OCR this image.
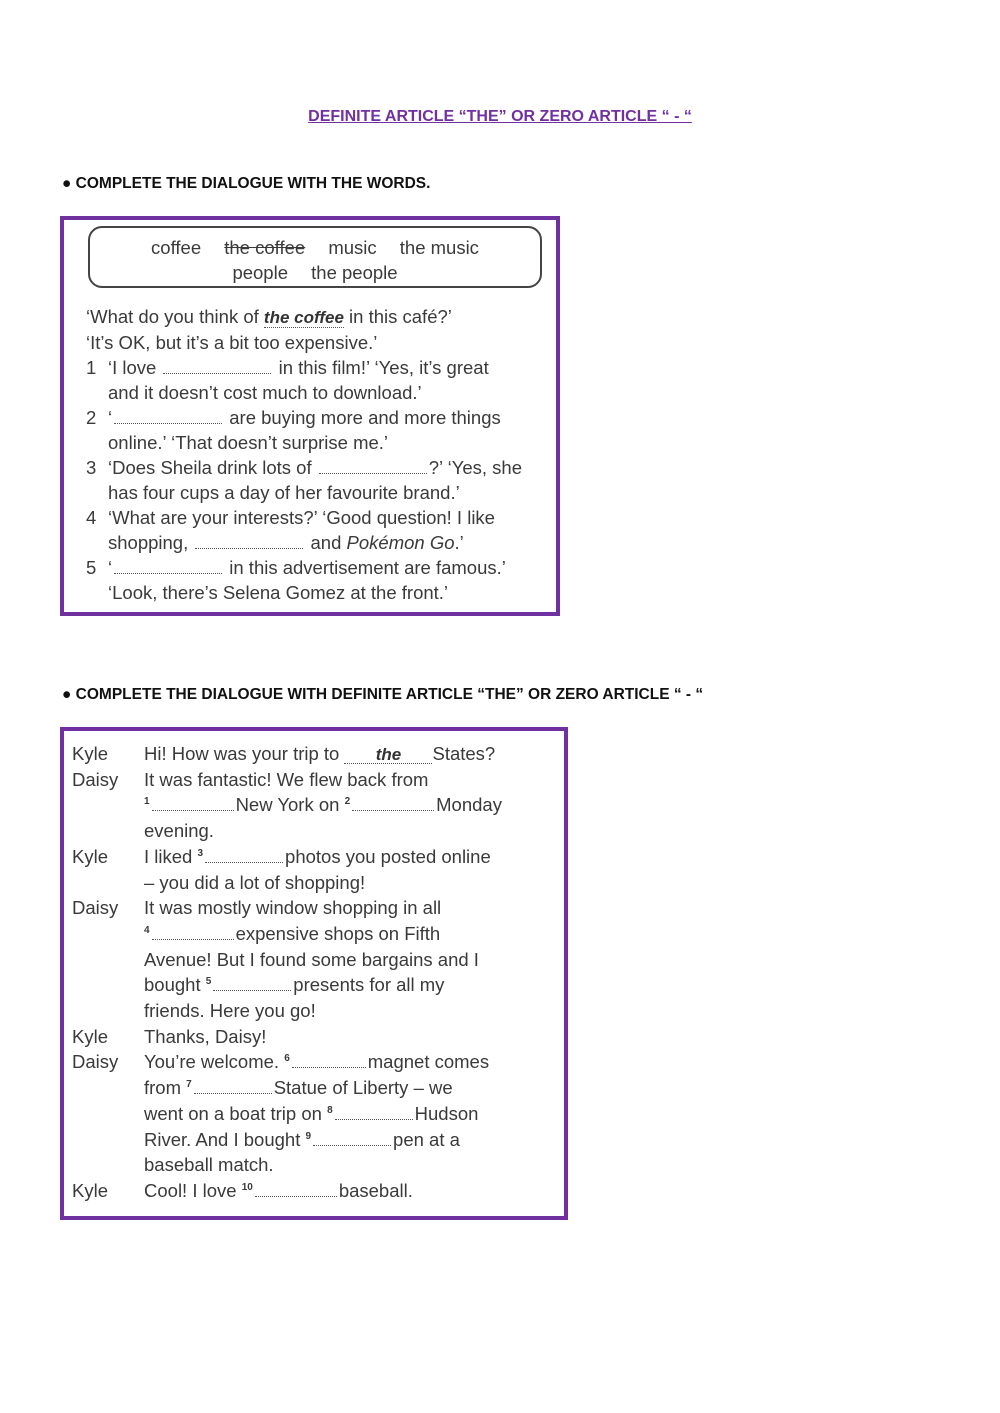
DEFINITE ARTICLE “THE” OR ZERO ARTICLE “ - “
● COMPLETE THE DIALOGUE WITH THE WORDS.
coffee the coffee music the music
people the people
‘What do you think of the coffee in this café?’
‘It’s OK, but it’s a bit too expensive.’
1 ‘I love	in this film!’ ‘Yes, it’s great
and it doesn’t cost much to download.’
2 ‘	are buying more and more things
online.’ ‘That doesn’t surprise me.’
3 ‘Does Sheila drink lots of	?’ ‘Yes, she
has four cups a day of her favourite brand.’
4 ‘What are your interests?’ ‘Good question! I like
shopping,	and Pokémon Go.’
5 ‘	in this advertisement are famous.’
‘Look, there’s Selena Gomez at the front.’
● COMPLETE THE DIALOGUE WITH DEFINITE ARTICLE “THE” OR ZERO ARTICLE “ - “
Kyle Hi! How was your trip to the States?
Daisy It was fantastic! We flew back from
$^1$	New York on $^2$	Monday
evening.
Kyle I liked $^3$	photos you posted online
– you did a lot of shopping!
Daisy It was mostly window shopping in all
$^4$	expensive shops on Fifth
Avenue! But I found some bargains and I
bought $^5$	presents for all my
friends. Here you go!
Kyle Thanks, Daisy!
Daisy You’re welcome. $^6$	magnet comes
from $^7$	Statue of Liberty – we
went on a boat trip on $^8$	Hudson
River. And I bought $^9$	pen at a
baseball match.
Kyle Cool! I love $^{10}$	baseball.
